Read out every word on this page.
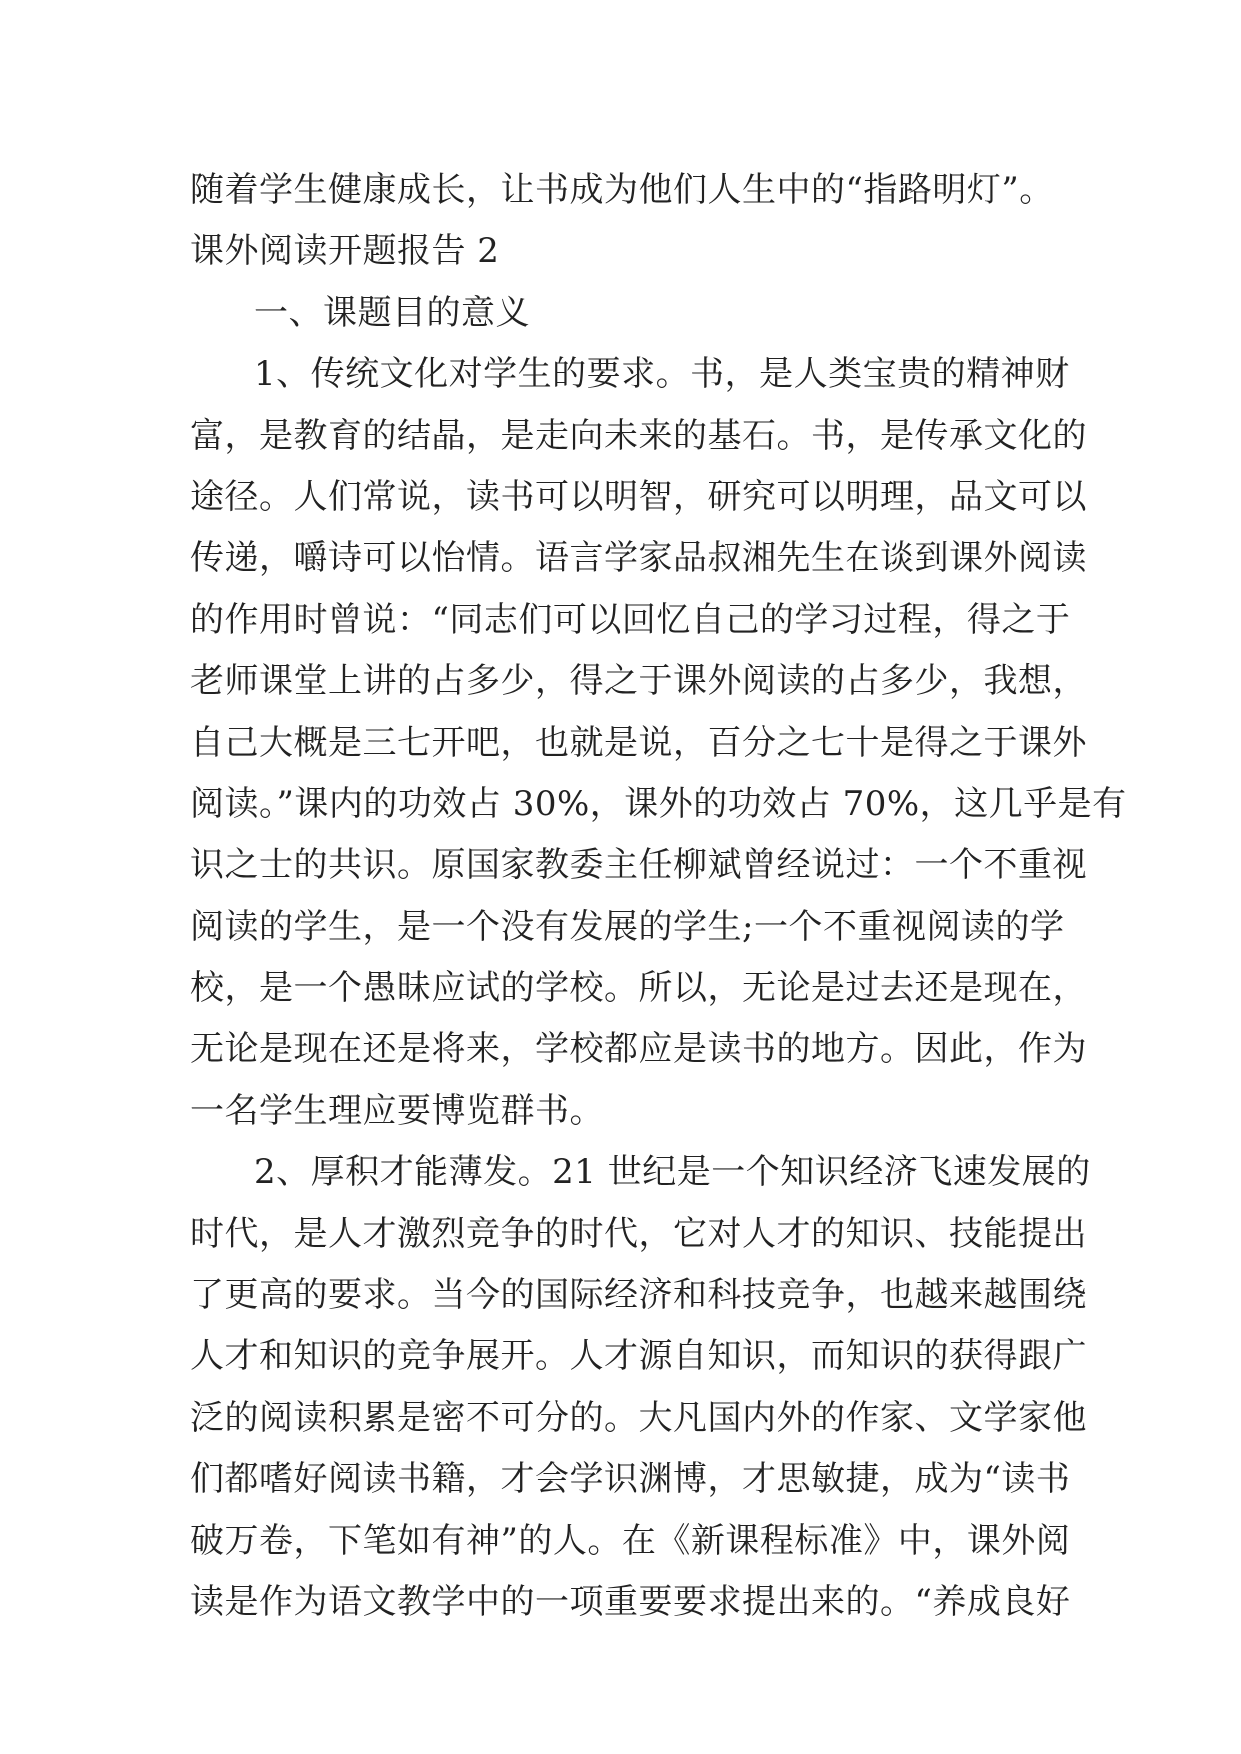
随着学生健康成长，让书成为他们人生中的“指路明灯”。
课外阅读开题报告 2
一、课题目的意义
1、传统文化对学生的要求。书，是人类宝贵的精神财
富，是教育的结晶，是走向未来的基石。书，是传承文化的
途径。人们常说，读书可以明智，研究可以明理，品文可以
传递，嚼诗可以怡情。语言学家品叔湘先生在谈到课外阅读
的作用时曾说：“同志们可以回忆自己的学习过程，得之于
老师课堂上讲的占多少，得之于课外阅读的占多少，我想，
自己大概是三七开吧，也就是说，百分之七十是得之于课外
阅读。”课内的功效占 30%，课外的功效占 70%，这几乎是有
识之士的共识。原国家教委主任柳斌曾经说过：一个不重视
阅读的学生，是一个没有发展的学生;一个不重视阅读的学
校，是一个愚昧应试的学校。所以，无论是过去还是现在，
无论是现在还是将来，学校都应是读书的地方。因此，作为
一名学生理应要博览群书。
2、厚积才能薄发。21 世纪是一个知识经济飞速发展的
时代，是人才激烈竞争的时代，它对人才的知识、技能提出
了更高的要求。当今的国际经济和科技竞争，也越来越围绕
人才和知识的竞争展开。人才源自知识，而知识的获得跟广
泛的阅读积累是密不可分的。大凡国内外的作家、文学家他
们都嗜好阅读书籍，才会学识渊博，才思敏捷，成为“读书
破万卷，下笔如有神”的人。在《新课程标准》中，课外阅
读是作为语文教学中的一项重要要求提出来的。“养成良好
